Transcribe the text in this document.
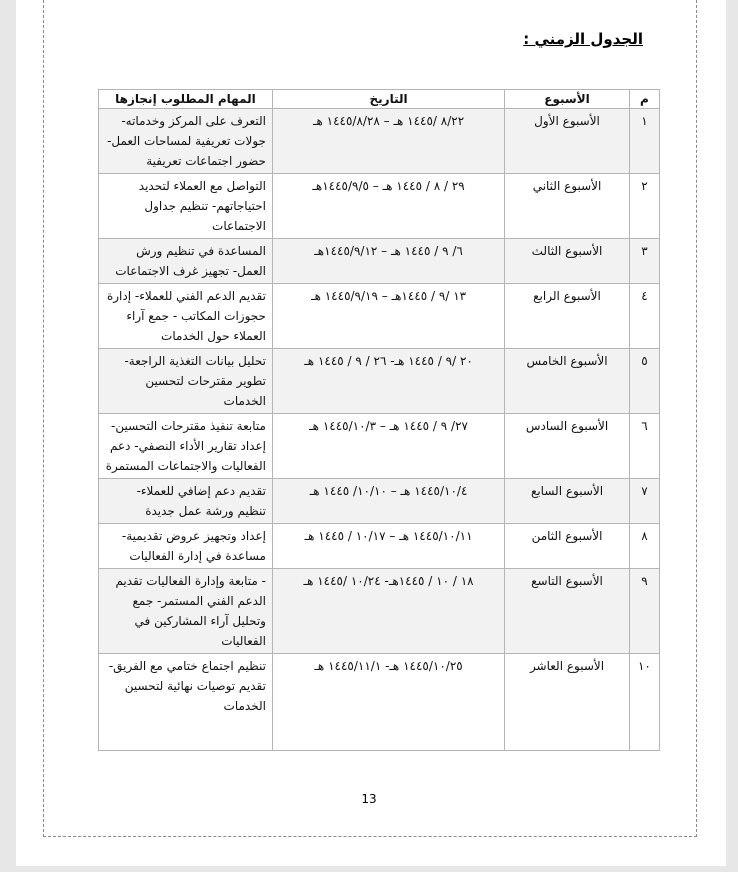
الجدول الزمني :
م	الأسبوع	التاريخ	المهام المطلوب إنجازها
١	الأسبوع الأول	٨/٢٢ /١٤٤٥ هـ – ١٤٤٥/٨/٢٨ هـ	التعرف على المركز وخدماته- جولات تعريفية لمساحات العمل- حضور اجتماعات تعريفية
٢	الأسبوع الثاني	٢٩ / ٨ / ١٤٤٥ هـ – ١٤٤٥/٩/٥هـ	التواصل مع العملاء لتحديد احتياجاتهم- تنظيم جداول الاجتماعات
٣	الأسبوع الثالث	٦/ ٩ / ١٤٤٥ هـ – ١٤٤٥/٩/١٢هـ	المساعدة في تنظيم ورش العمل- تجهيز غرف الاجتماعات
٤	الأسبوع الرابع	١٣ /٩ / ١٤٤٥هـ – ١٤٤٥/٩/١٩ هـ	تقديم الدعم الفني للعملاء- إدارة حجوزات المكاتب - جمع آراء العملاء حول الخدمات
٥	الأسبوع الخامس	٢٠ /٩ / ١٤٤٥ هـ- ٢٦ / ٩ / ١٤٤٥ هـ	تحليل بيانات التغذية الراجعة- تطوير مقترحات لتحسين الخدمات
٦	الأسبوع السادس	٢٧/ ٩ / ١٤٤٥ هـ – ١٤٤٥/١٠/٣ هـ	متابعة تنفيذ مقترحات التحسين- إعداد تقارير الأداء النصفي- دعم الفعاليات والاجتماعات المستمرة
٧	الأسبوع السابع	١٤٤٥/١٠/٤ هـ – ١٠/١٠/ ١٤٤٥ هـ	تقديم دعم إضافي للعملاء- تنظيم ورشة عمل جديدة
٨	الأسبوع الثامن	١٤٤٥/١٠/١١ هـ – ١٠/١٧ / ١٤٤٥ هـ	إعداد وتجهيز عروض تقديمية- مساعدة في إدارة الفعاليات
٩	الأسبوع التاسع	١٨ / ١٠ / ١٤٤٥هـ- ١٠/٢٤ /١٤٤٥ هـ	- متابعة وإدارة الفعاليات تقديم الدعم الفني المستمر- جمع وتحليل آراء المشاركين في الفعاليات
١٠	الأسبوع العاشر	١٤٤٥/١٠/٢٥ هـ- ١٤٤٥/١١/١ هـ	تنظيم اجتماع ختامي مع الفريق- تقديم توصيات نهائية لتحسين الخدمات
13
